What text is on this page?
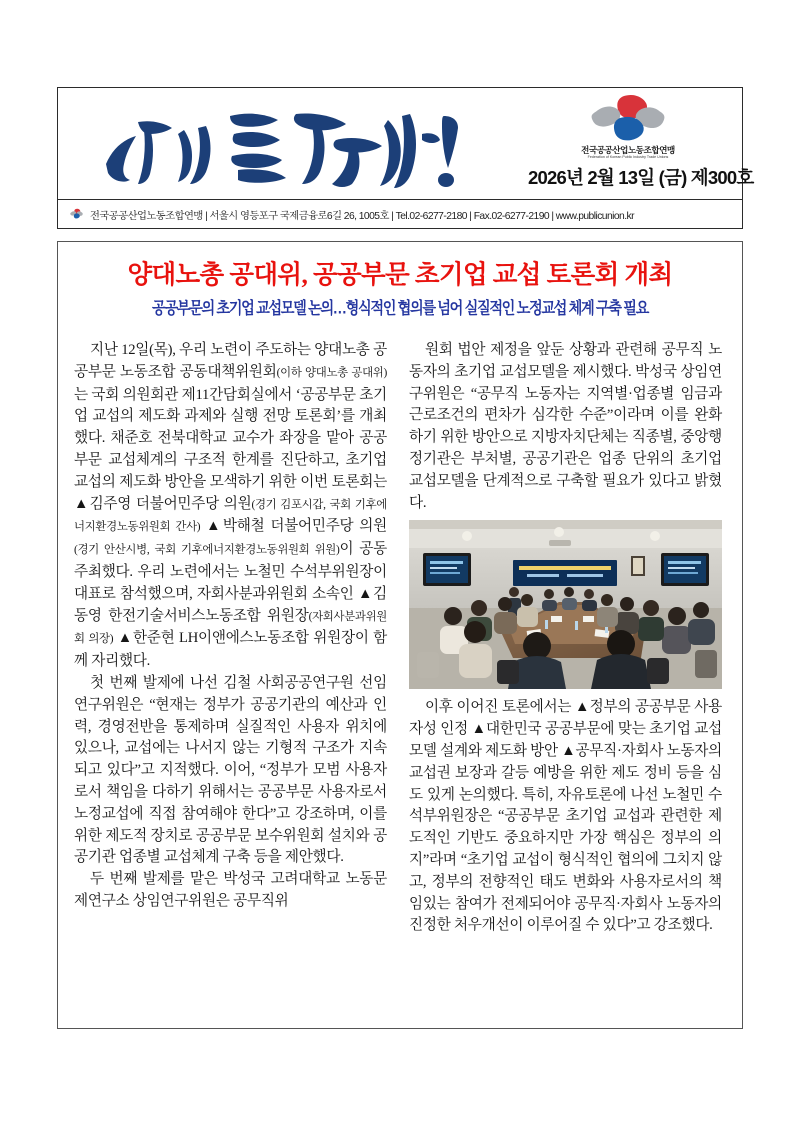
전국공공산업노동조합연맹
Federation of Korean Public Industry Trade Unions
2026년 2월 13일 (금) 제300호
전국공공산업노동조합연맹 | 서울시 영등포구 국제금융로6길 26, 1005호 | Tel.02-6277-2180 | Fax.02-6277-2190 | www.publicunion.kr
양대노총 공대위, 공공부문 초기업 교섭 토론회 개최
공공부문의 초기업 교섭모델 논의…형식적인 협의를 넘어 실질적인 노정교섭 체계 구축 필요

지난 12일(목), 우리 노련이 주도하는 양대노총 공공부문 노동조합 공동대책위원회(이하 양대노총 공대위)는 국회 의원회관 제11간담회실에서 ‘공공부문 초기업 교섭의 제도화 과제와 실행 전망 토론회’를 개최했다. 채준호 전북대학교 교수가 좌장을 맡아 공공부문 교섭체계의 구조적 한계를 진단하고, 초기업 교섭의 제도화 방안을 모색하기 위한 이번 토론회는 ▲김주영 더불어민주당 의원(경기 김포시갑, 국회 기후에너지환경노동위원회 간사) ▲박해철 더불어민주당 의원(경기 안산시병, 국회 기후에너지환경노동위원회 위원)이 공동 주최했다. 우리 노련에서는 노철민 수석부위원장이 대표로 참석했으며, 자회사분과위원회 소속인 ▲김동영 한전기술서비스노동조합 위원장(자회사분과위원회 의장) ▲한준현 LH이앤에스노동조합 위원장이 함께 자리했다.

첫 번째 발제에 나선 김철 사회공공연구원 선임연구위원은 “현재는 정부가 공공기관의 예산과 인력, 경영전반을 통제하며 실질적인 사용자 위치에 있으나, 교섭에는 나서지 않는 기형적 구조가 지속되고 있다”고 지적했다. 이어, “정부가 모범 사용자로서 책임을 다하기 위해서는 공공부문 사용자로서 노정교섭에 직접 참여해야 한다”고 강조하며, 이를 위한 제도적 장치로 공공부문 보수위원회 설치와 공공기관 업종별 교섭체계 구축 등을 제안했다.

두 번째 발제를 맡은 박성국 고려대학교 노동문제연구소 상임연구위원은 공무직위

원회 법안 제정을 앞둔 상황과 관련해 공무직 노동자의 초기업 교섭모델을 제시했다. 박성국 상임연구위원은 “공무직 노동자는 지역별·업종별 임금과 근로조건의 편차가 심각한 수준”이라며 이를 완화하기 위한 방안으로 지방자치단체는 직종별, 중앙행정기관은 부처별, 공공기관은 업종 단위의 초기업 교섭모델을 단계적으로 구축할 필요가 있다고 밝혔다.

이후 이어진 토론에서는 ▲정부의 공공부문 사용자성 인정 ▲대한민국 공공부문에 맞는 초기업 교섭모델 설계와 제도화 방안 ▲공무직·자회사 노동자의 교섭권 보장과 갈등 예방을 위한 제도 정비 등을 심도 있게 논의했다. 특히, 자유토론에 나선 노철민 수석부위원장은 “공공부문 초기업 교섭과 관련한 제도적인 기반도 중요하지만 가장 핵심은 정부의 의지”라며 “초기업 교섭이 형식적인 협의에 그치지 않고, 정부의 전향적인 태도 변화와 사용자로서의 책임있는 참여가 전제되어야 공무직·자회사 노동자의 진정한 처우개선이 이루어질 수 있다”고 강조했다.
